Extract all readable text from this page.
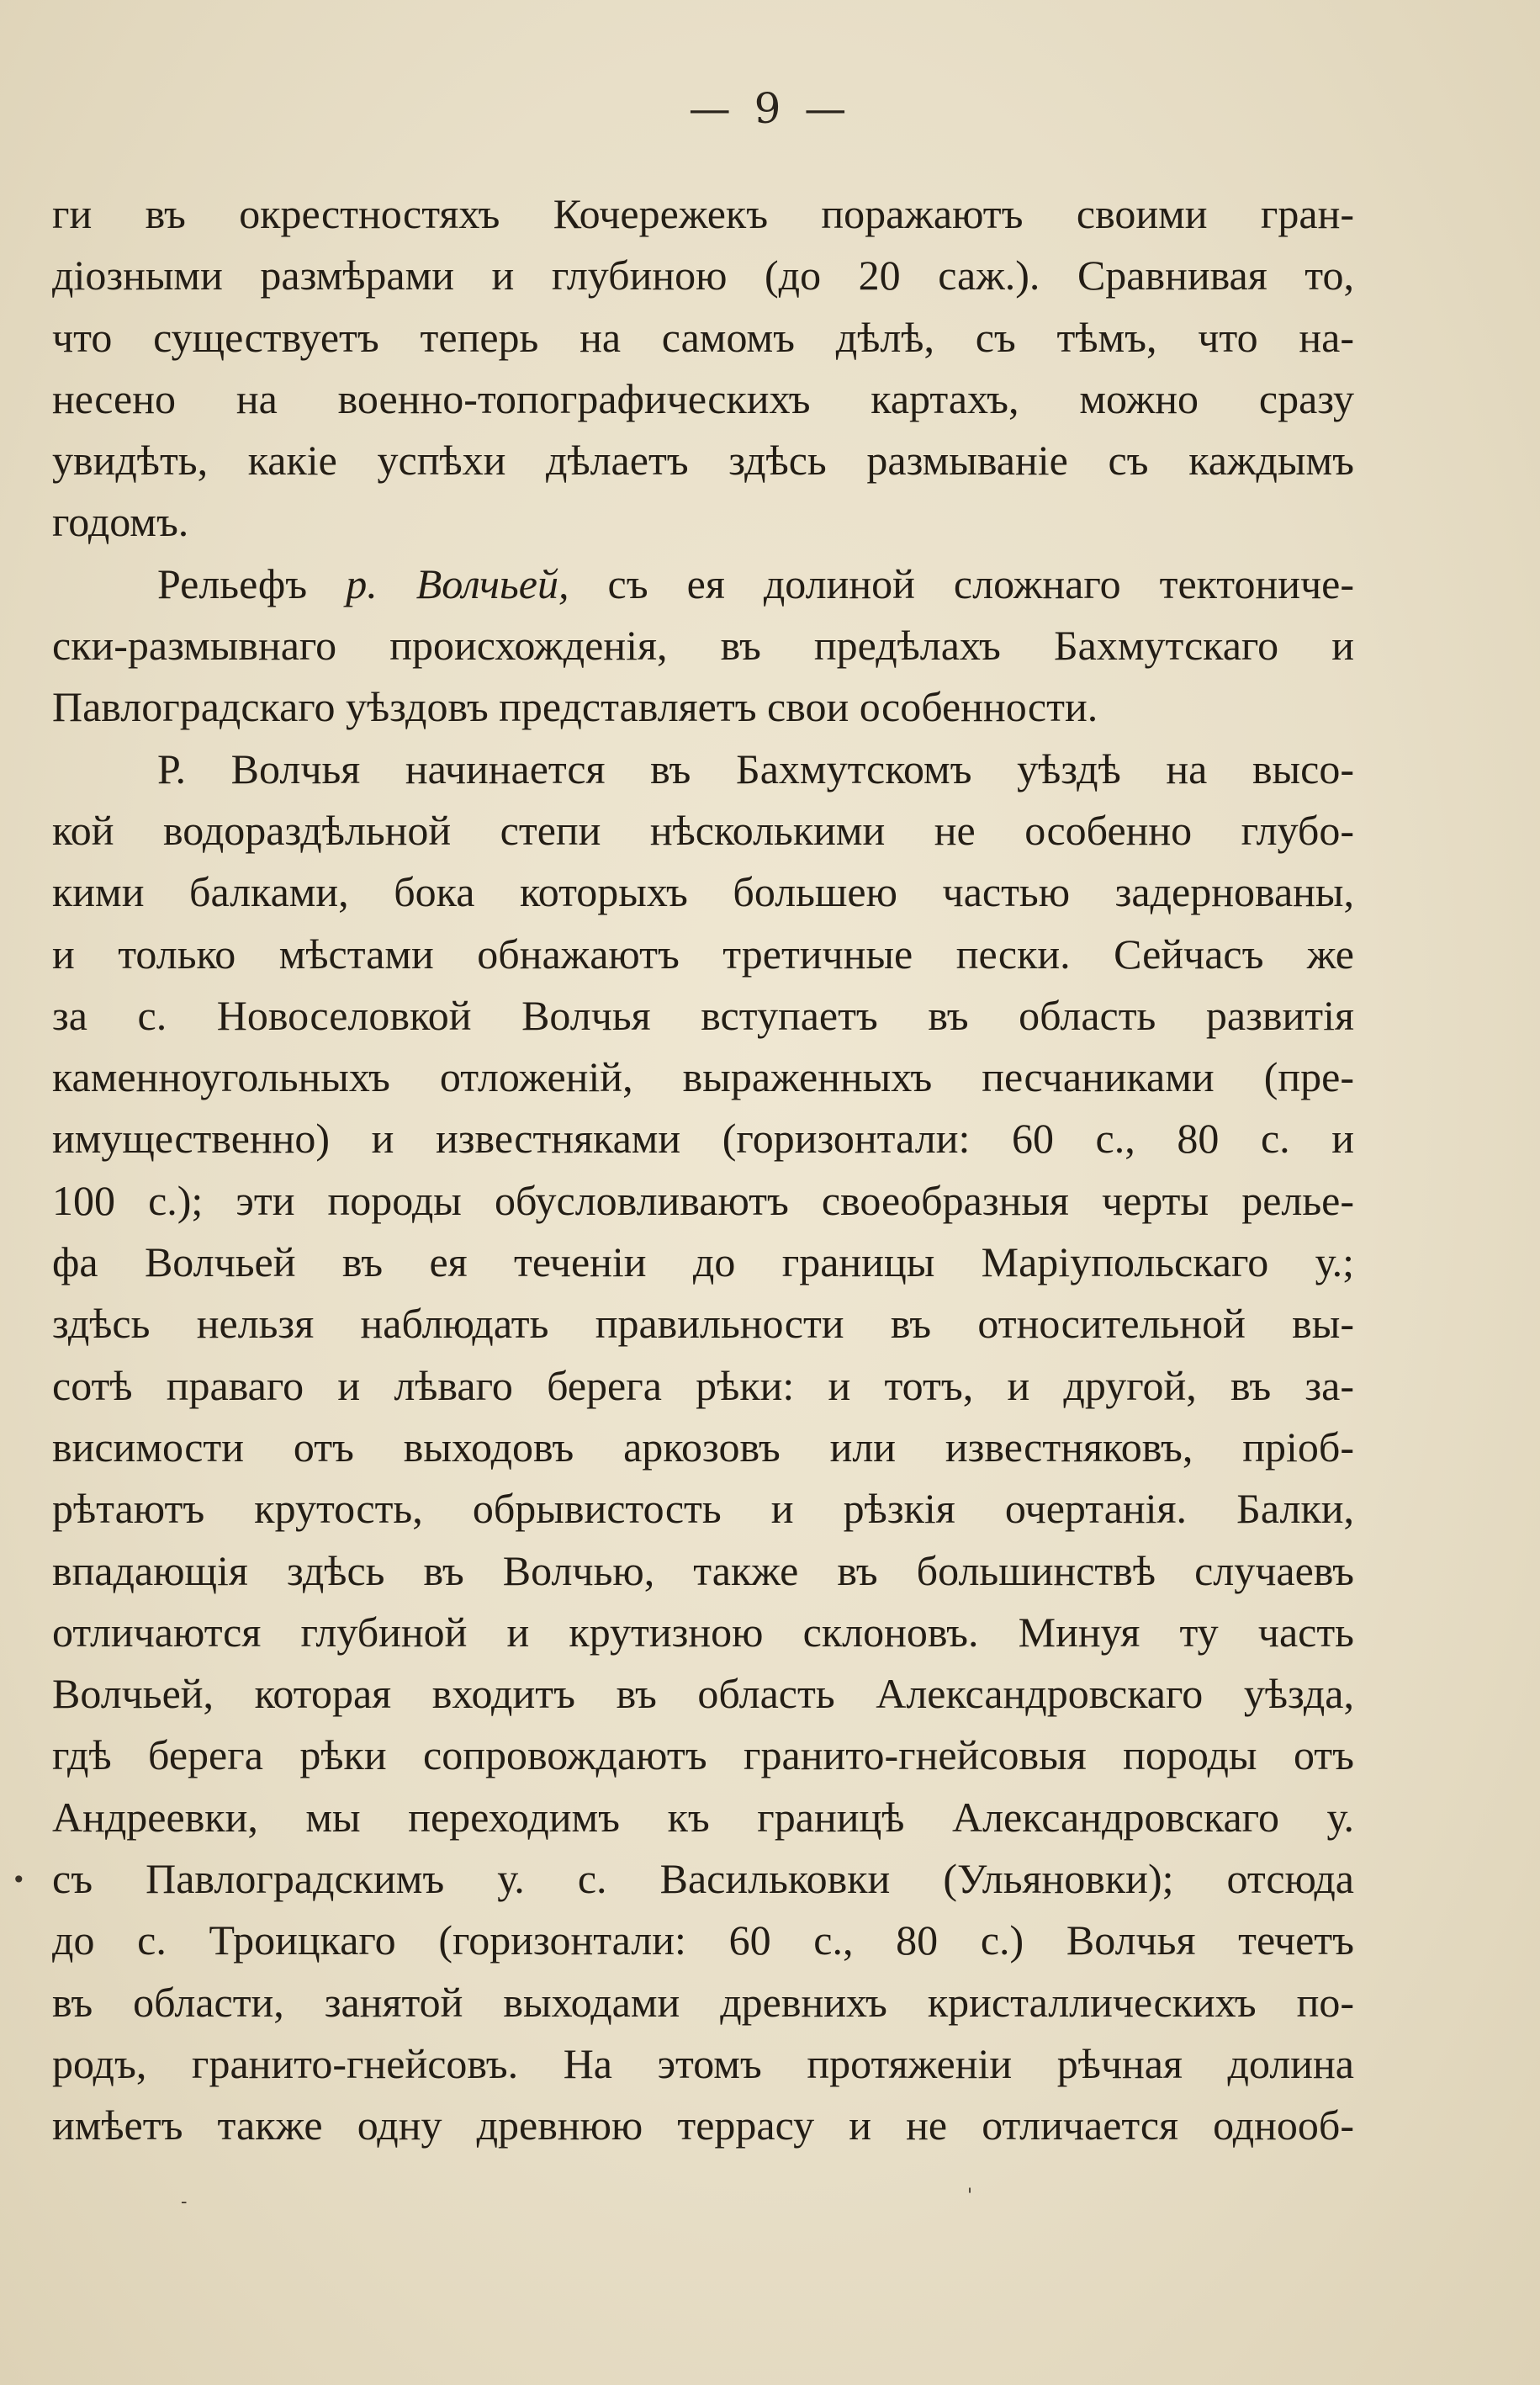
— 9 —
ги въ окрестностяхъ Кочережекъ поражаютъ своими гран-
діозными размѣрами и глубиною (до 20 саж.). Сравнивая то,
что существуетъ теперь на самомъ дѣлѣ, съ тѣмъ, что на-
несено на военно-топографическихъ картахъ, можно сразу
увидѣть, какіе успѣхи дѣлаетъ здѣсь размываніе съ каждымъ
годомъ.
Рельефъ р. Волчьей, съ ея долиной сложнаго тектониче-
ски-размывнаго происхожденія, въ предѣлахъ Бахмутскаго и
Павлоградскаго уѣздовъ представляетъ свои особенности.
Р. Волчья начинается въ Бахмутскомъ уѣздѣ на высо-
кой водораздѣльной степи нѣсколькими не особенно глубо-
кими балками, бока которыхъ большею частью задернованы,
и только мѣстами обнажаютъ третичные пески. Сейчасъ же
за с. Новоселовкой Волчья вступаетъ въ область развитія
каменноугольныхъ отложеній, выраженныхъ песчаниками (пре-
имущественно) и известняками (горизонтали: 60 с., 80 с. и
100 с.); эти породы обусловливаютъ своеобразныя черты релье-
фа Волчьей въ ея теченіи до границы Маріупольскаго у.;
здѣсь нельзя наблюдать правильности въ относительной вы-
сотѣ праваго и лѣваго берега рѣки: и тотъ, и другой, въ за-
висимости отъ выходовъ аркозовъ или известняковъ, пріоб-
рѣтаютъ крутость, обрывистость и рѣзкія очертанія. Балки,
впадающія здѣсь въ Волчью, также въ большинствѣ случаевъ
отличаются глубиной и крутизною склоновъ. Минуя ту часть
Волчьей, которая входитъ въ область Александровскаго уѣзда,
гдѣ берега рѣки сопровождаютъ гранито-гнейсовыя породы отъ
Андреевки, мы переходимъ къ границѣ Александровскаго у.
съ Павлоградскимъ у. с. Васильковки (Ульяновки); отсюда
до с. Троицкаго (горизонтали: 60 с., 80 с.) Волчья течетъ
въ области, занятой выходами древнихъ кристаллическихъ по-
родъ, гранито-гнейсовъ. На этомъ протяженіи рѣчная долина
имѣетъ также одну древнюю террасу и не отличается однооб-
•
'
-
